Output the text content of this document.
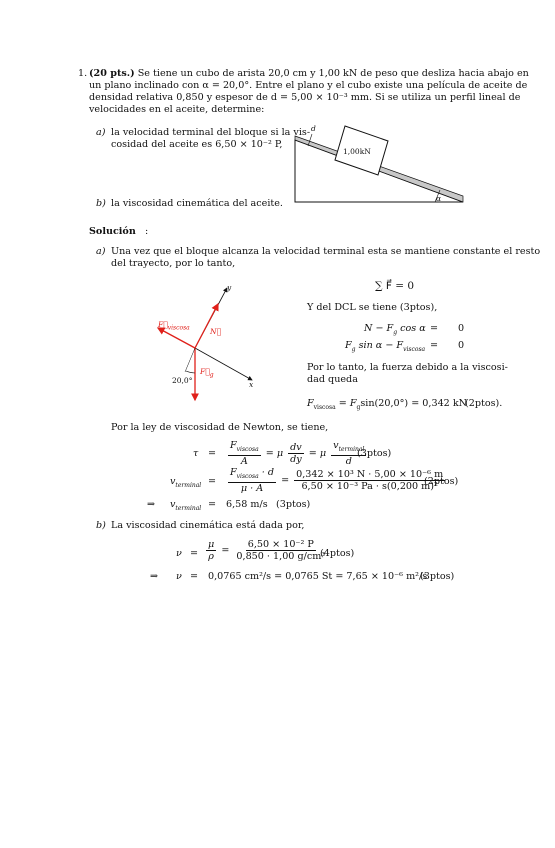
1. (20 pts.) Se tiene un cubo de arista 20,0 cm y 1,00 kN de peso que desliza hacia abajo en
un plano inclinado con α = 20,0°. Entre el plano y el cubo existe una película de aceite de
densidad relativa 0,850 y espesor de d = 5,00 × 10⁻³ mm. Si se utiliza un perfil lineal de
velocidades en el aceite, determine:
a) la velocidad terminal del bloque si la vis-
cosidad del aceite es 6,50 × 10⁻² P,
b) la viscosidad cinemática del aceite.
d
1,00kN
α
Solución :
a) Una vez que el bloque alcanza la velocidad terminal esta se mantiene constante el resto
del trayecto, por lo tanto,
∑ F⃗ = 0
Y del DCL se tiene (3ptos),
$N - F_g$ cos α = 0
$F_g$ $\sin \alpha - F_{viscosa} = 0$
Por lo tanto, la fuerza debido a la viscosi-
dad queda
$F_{viscosa} = F_g\sin(20,0^\circ) = 0,342$ kN
(2ptos).
y
x
$F⃗_{viscosa}$	N⃗
$F⃗_g$
20,0°
Por la ley de viscosidad de Newton, se tiene,
$\tau = \frac{F_{viscosa}}{A} = \mu \frac{dv}{dy} = \mu \frac{v_{terminal}}{d}$
(3ptos)
$v_{terminal} = \frac{F_{viscosa} \cdot d}{\mu \cdot A} = \frac{\text{0,342 × 10³ N · 5,00 × 10⁻⁶ m}}{\text{6,50 × 10⁻³ Pa · s(0,200 m)²}}$
(2ptos)
⇒ $v_{terminal} = 6,58$ m/s (3ptos)
b) La viscosidad cinemática está dada por,
$\nu = \frac{\mu}{\rho} = \frac{\text{6,50 × 10⁻² P}}{\text{0,850 · 1,00 g/cm³}}$
(4ptos)
⇒ ν = 0,0765 cm²/s = 0,0765 St = 7,65 × 10⁻⁶ m²/s
(3ptos)
